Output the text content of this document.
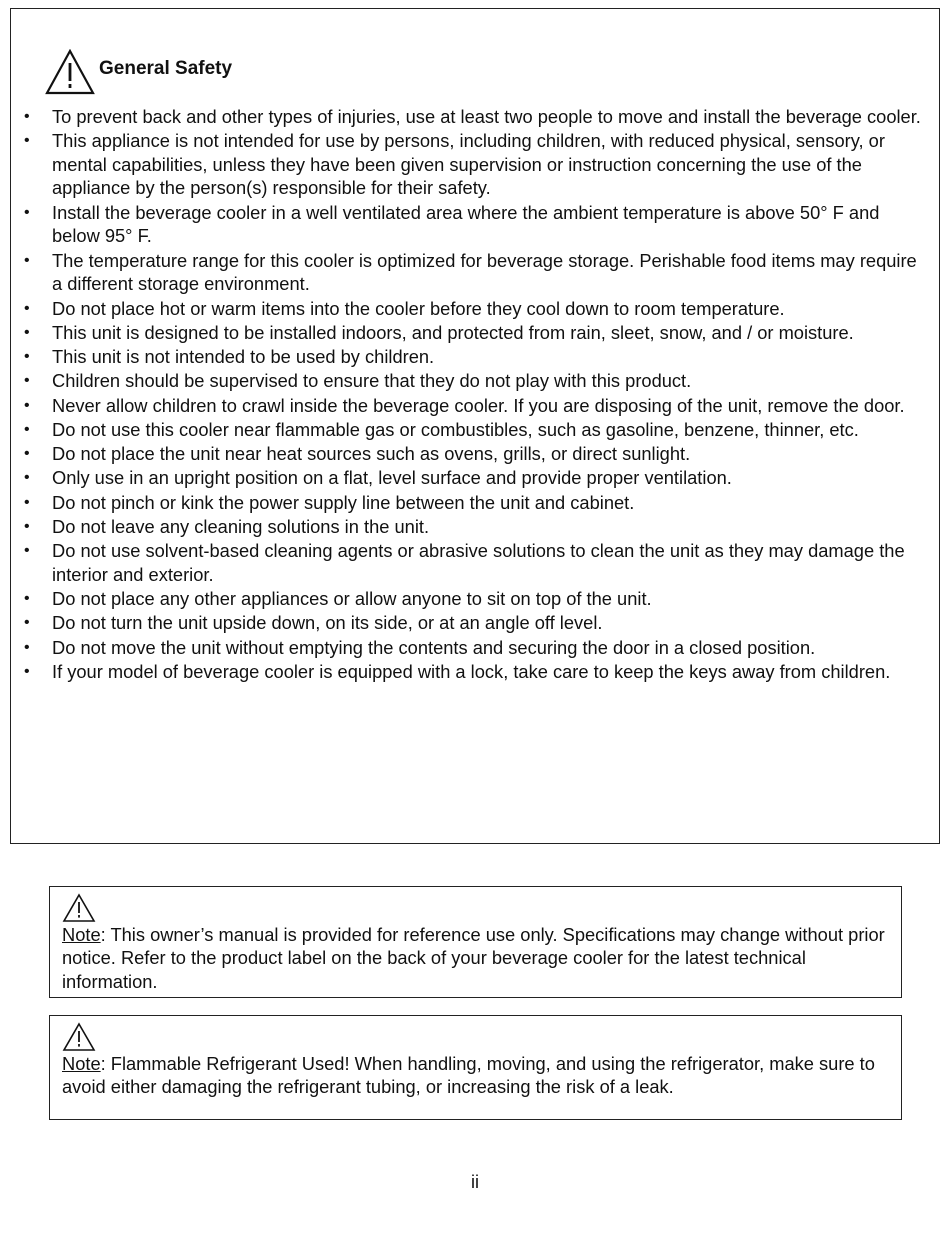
General Safety
• To prevent back and other types of injuries, use at least two people to move and install the beverage cooler.
• This appliance is not intended for use by persons, including children, with reduced physical, sensory, or mental capabilities, unless they have been given supervision or instruction concerning the use of the appliance by the person(s) responsible for their safety.
• Install the beverage cooler in a well ventilated area where the ambient temperature is above 50° F and below 95° F.
• The temperature range for this cooler is optimized for beverage storage. Perishable food items may require a different storage environment.
• Do not place hot or warm items into the cooler before they cool down to room temperature.
• This unit is designed to be installed indoors, and protected from rain, sleet, snow, and / or moisture.
• This unit is not intended to be used by children.
• Children should be supervised to ensure that they do not play with this product.
• Never allow children to crawl inside the beverage cooler. If you are disposing of the unit, remove the door.
• Do not use this cooler near flammable gas or combustibles, such as gasoline, benzene, thinner, etc.
• Do not place the unit near heat sources such as ovens, grills, or direct sunlight.
• Only use in an upright position on a flat, level surface and provide proper ventilation.
• Do not pinch or kink the power supply line between the unit and cabinet.
• Do not leave any cleaning solutions in the unit.
• Do not use solvent-based cleaning agents or abrasive solutions to clean the unit as they may damage the interior and exterior.
• Do not place any other appliances or allow anyone to sit on top of the unit.
• Do not turn the unit upside down, on its side, or at an angle off level.
• Do not move the unit without emptying the contents and securing the door in a closed position.
• If your model of beverage cooler is equipped with a lock, take care to keep the keys away from children.
Note: This owner’s manual is provided for reference use only. Specifications may change without prior notice. Refer to the product label on the back of your beverage cooler for the latest technical information.
Note: Flammable Refrigerant Used! When handling, moving, and using the refrigerator, make sure to avoid either damaging the refrigerant tubing, or increasing the risk of a leak.
ii
